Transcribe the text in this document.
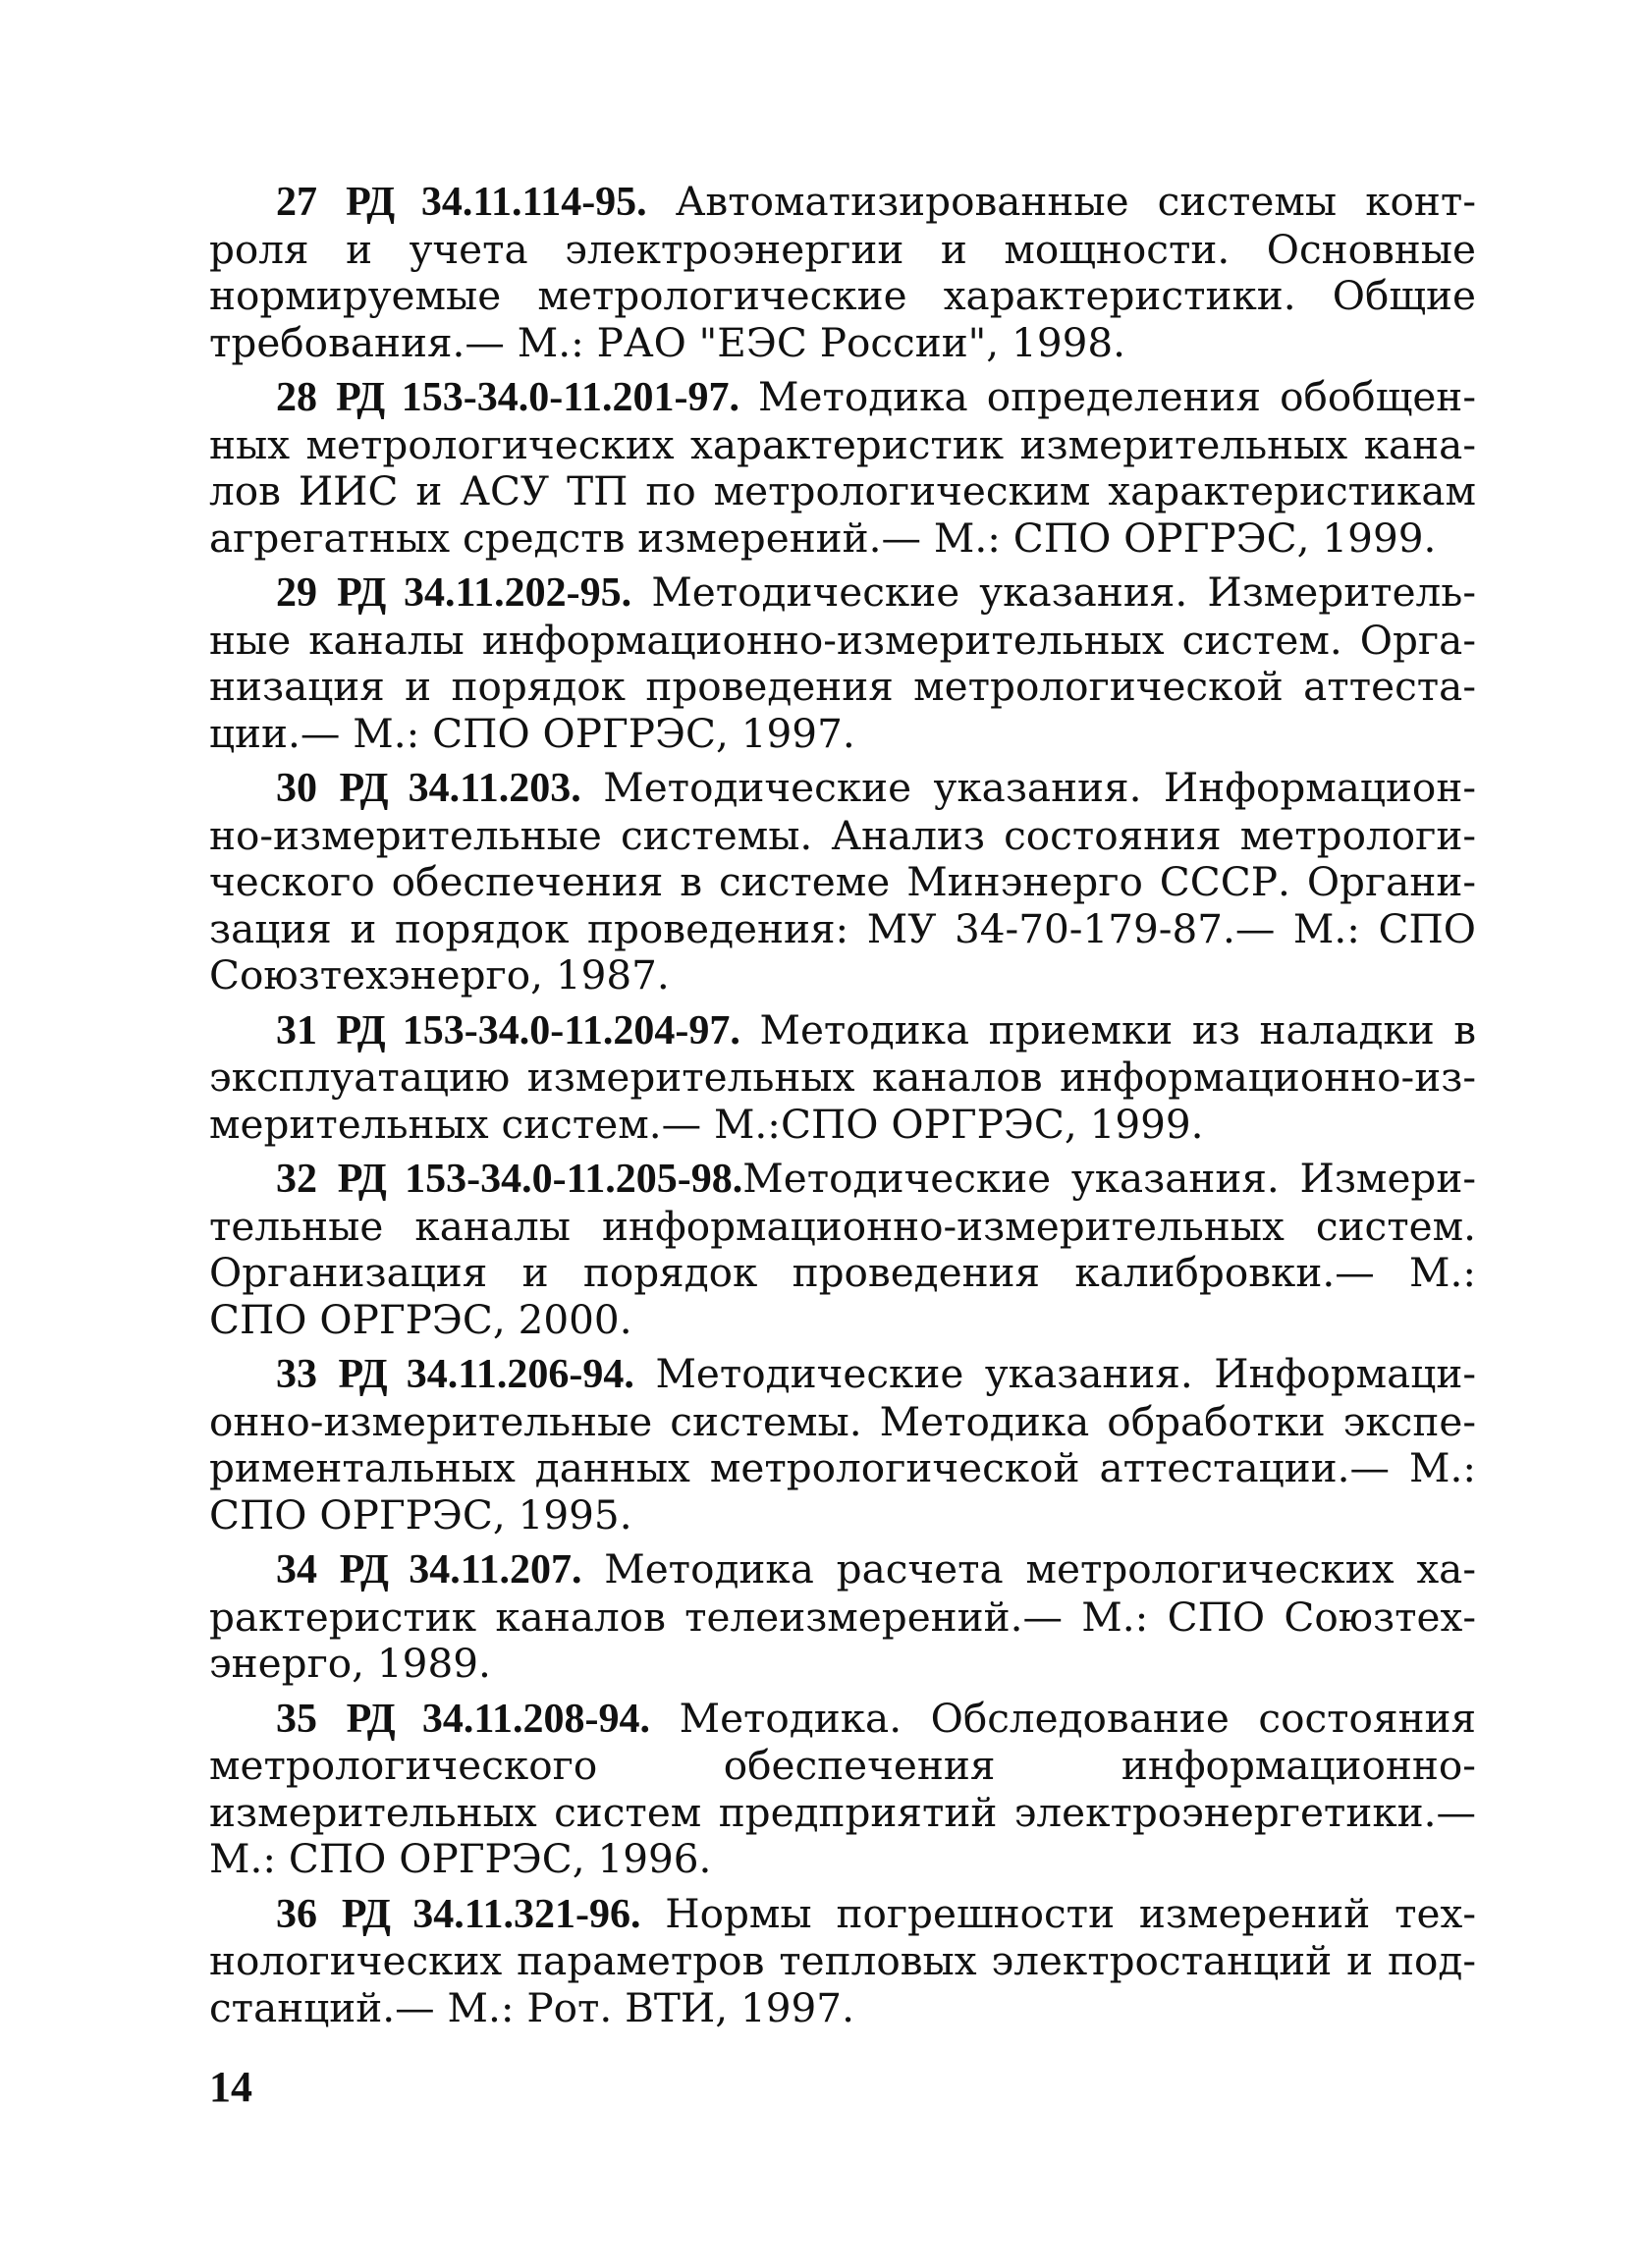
27 РД 34.11.114-95. Автоматизированные системы контроля и учета электроэнергии и мощности. Основные нормируемые метрологические характеристики. Общие требования.— М.: РАО "ЕЭС России", 1998.

28 РД 153-34.0-11.201-97. Методика определения обобщенных метрологических характеристик измерительных каналов ИИС и АСУ ТП по метрологическим характеристикам агрегатных средств измерений.— М.: СПО ОРГРЭС, 1999.

29 РД 34.11.202-95. Методические указания. Измерительные каналы информационно-измерительных систем. Организация и порядок проведения метрологической аттестации.— М.: СПО ОРГРЭС, 1997.

30 РД 34.11.203. Методические указания. Информационно-измерительные системы. Анализ состояния метрологического обеспечения в системе Минэнерго СССР. Организация и порядок проведения: МУ 34-70-179-87.— М.: СПО Союзтехэнерго, 1987.

31 РД 153-34.0-11.204-97. Методика приемки из наладки в эксплуатацию измерительных каналов информационно-измерительных систем.— М.:СПО ОРГРЭС, 1999.

32 РД 153-34.0-11.205-98.Методические указания. Измерительные каналы информационно-измерительных систем. Организация и порядок проведения калибровки.— М.: СПО ОРГРЭС, 2000.

33 РД 34.11.206-94. Методические указания. Информационно-измерительные системы. Методика обработки экспериментальных данных метрологической аттестации.— М.: СПО ОРГРЭС, 1995.

34 РД 34.11.207. Методика расчета метрологических характеристик каналов телеизмерений.— М.: СПО Союзтехэнерго, 1989.

35 РД 34.11.208-94. Методика. Обследование состояния метрологического обеспечения информационно-измерительных систем предприятий электроэнергетики.— М.: СПО ОРГРЭС, 1996.

36 РД 34.11.321-96. Нормы погрешности измерений технологических параметров тепловых электростанций и подстанций.— М.: Рот. ВТИ, 1997.

14
